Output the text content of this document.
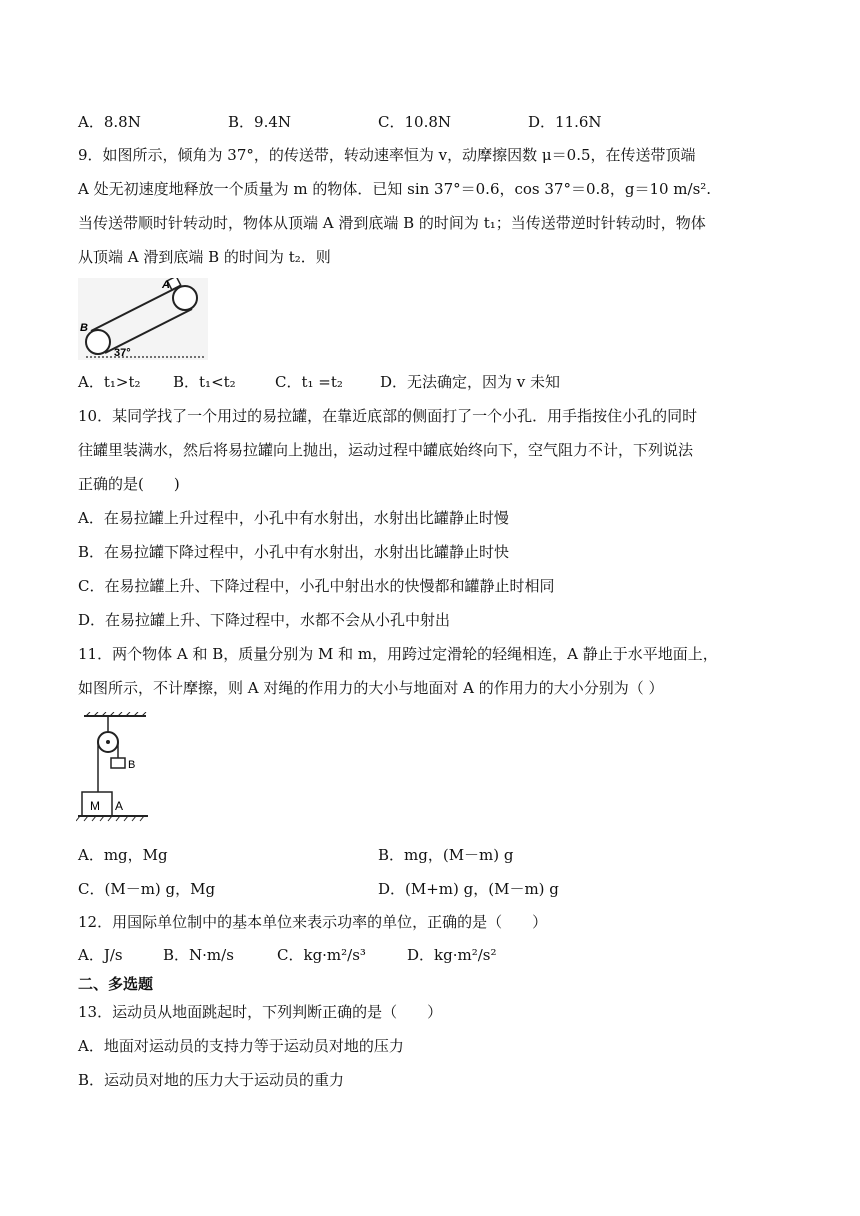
A．8.8N	B．9.4N	C．10.8N	D．11.6N
9．如图所示，倾角为 37°，的传送带，转动速率恒为 v，动摩擦因数 μ＝0.5，在传送带顶端
A 处无初速度地释放一个质量为 m 的物体．已知 sin 37°＝0.6，cos 37°＝0.8，g＝10 m/s².
当传送带顺时针转动时，物体从顶端 A 滑到底端 B 的时间为 t₁；当传送带逆时针转动时，物体
从顶端 A 滑到底端 B 的时间为 t₂．则
A
B
37°
A．t₁>t₂ B．t₁<t₂	C．t₁ =t₂ D．无法确定，因为 v 未知
10．某同学找了一个用过的易拉罐，在靠近底部的侧面打了一个小孔．用手指按住小孔的同时
往罐里装满水，然后将易拉罐向上抛出，运动过程中罐底始终向下，空气阻力不计，下列说法
正确的是(　　)
A．在易拉罐上升过程中，小孔中有水射出，水射出比罐静止时慢
B．在易拉罐下降过程中，小孔中有水射出，水射出比罐静止时快
C．在易拉罐上升、下降过程中，小孔中射出水的快慢都和罐静止时相同
D．在易拉罐上升、下降过程中，水都不会从小孔中射出
11．两个物体 A 和 B，质量分别为 M 和 m，用跨过定滑轮的轻绳相连，A 静止于水平地面上，
如图所示，不计摩擦，则 A 对绳的作用力的大小与地面对 A 的作用力的大小分别为（ ）
B
M A
A．mg，Mg	B．mg，(M－m) g
C．(M－m) g，Mg	D．(M+m) g，(M－m) g
12．用国际单位制中的基本单位来表示功率的单位，正确的是（　　）
A．J/s	B．N·m/s	C．kg·m²/s³	D．kg·m²/s²
二、多选题
13．运动员从地面跳起时，下列判断正确的是（　　）
A．地面对运动员的支持力等于运动员对地的压力
B．运动员对地的压力大于运动员的重力
